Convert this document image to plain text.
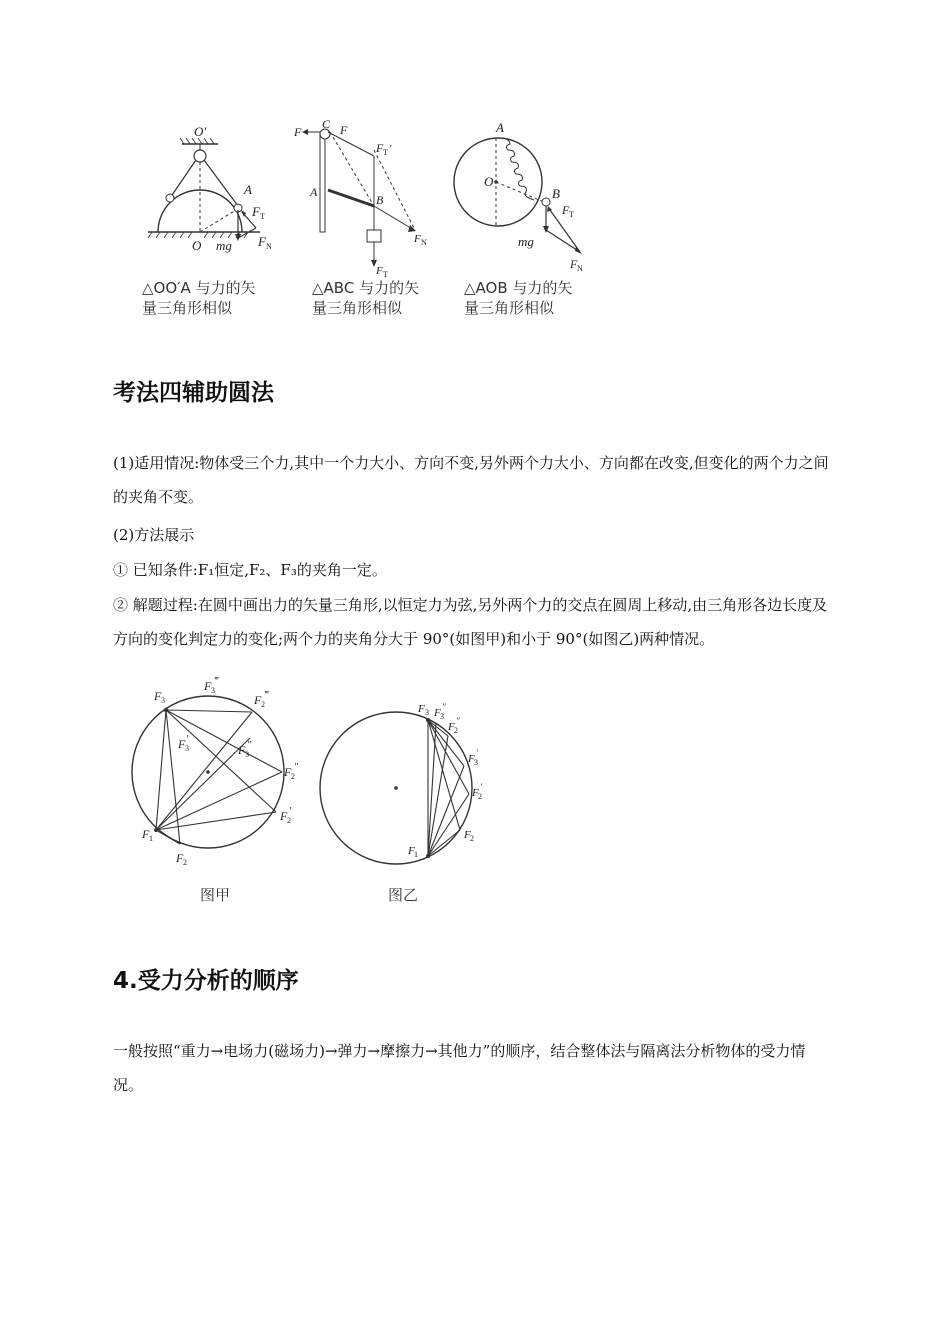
O′
A
F T
O mg F N
△OO′A 与力的矢
量三角形相似
F
C F
F T ′
A
B
F N
F T
△ABC 与力的矢
量三角形相似
A
O
B
F T
mg
F N
△AOB 与力的矢
量三角形相似
考法四辅助圆法
(1)适用情况:物体受三个力,其中一个力大小、方向不变,另外两个力大小、方向都在改变,但变化的两个力之间的夹角不变。
(2)方法展示
① 已知条件:F₁恒定,F₂、F₃的夹角一定。
② 解题过程:在圆中画出力的矢量三角形,以恒定力为弦,另外两个力的交点在圆周上移动,由三角形各边长度及方向的变化判定力的变化;两个力的夹角分大于 90°(如图甲)和小于 90°(如图乙)两种情况。
F 3
F 3
‴
F 2
‴
F 3
′
F 3
″
F 2
″
F 2
′
F 1
F 2
图甲
F 3 F 3
″
F 2
″
F 3
′
F 2
′
F 2
F 1
图乙
4.受力分析的顺序
一般按照“重力→电场力(磁场力)→弹力→摩擦力→其他力”的顺序，结合整体法与隔离法分析物体的受力情况。
